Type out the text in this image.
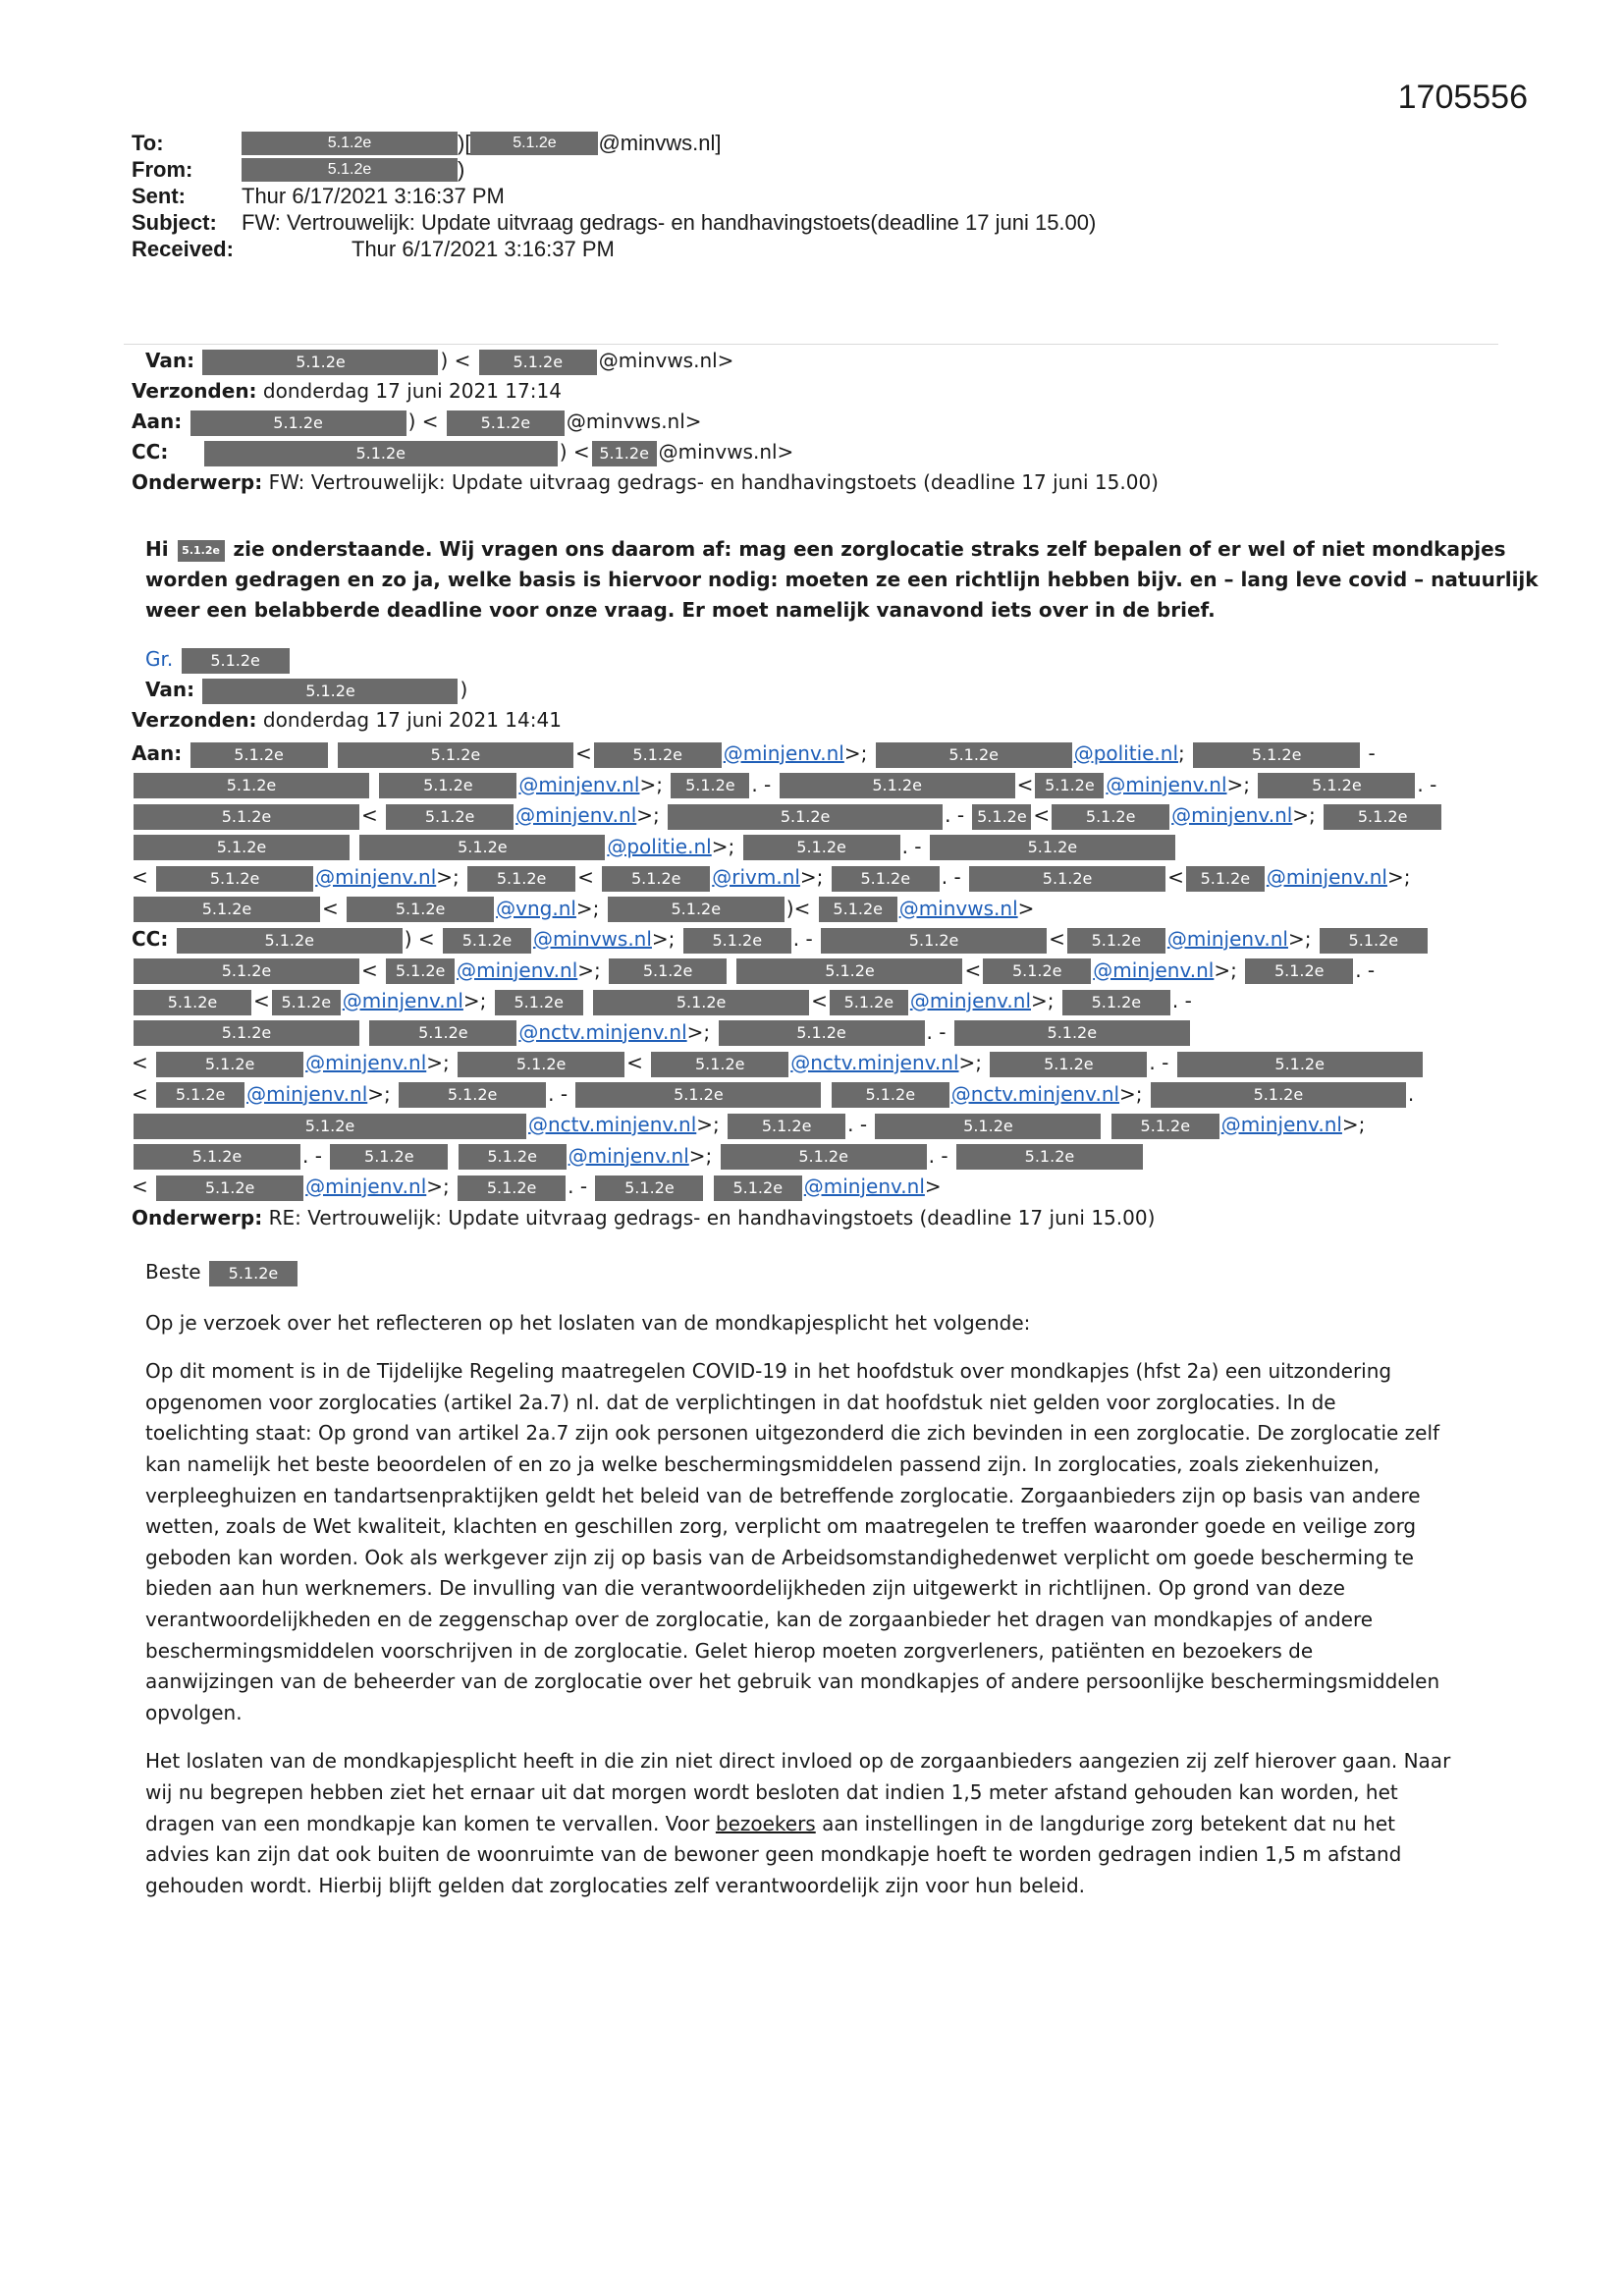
1705556
To:	5.1.2e	)[	5.1.2e	@minvws.nl]
From:	5.1.2e	)
Sent:	Thur 6/17/2021 3:16:37 PM
Subject:	FW: Vertrouwelijk: Update uitvraag gedrags- en handhavingstoets(deadline 17 juni 15.00)
Received:	Thur 6/17/2021 3:16:37 PM
Van:	5.1.2e	) < 5.1.2e @minvws.nl>
Verzonden: donderdag 17 juni 2021 17:14
Aan:	5.1.2e	) < 5.1.2e @minvws.nl>
CC:	5.1.2e	) < 5.1.2e @minvws.nl>
Onderwerp: FW: Vertrouwelijk: Update uitvraag gedrags- en handhavingstoets (deadline 17 juni 15.00)
Hi 5.1.2e zie onderstaande. Wij vragen ons daarom af: mag een zorglocatie straks zelf bepalen of er wel of niet mondkapjes
worden gedragen en zo ja, welke basis is hiervoor nodig: moeten ze een richtlijn hebben bijv. en – lang leve covid – natuurlijk
weer een belabberde deadline voor onze vraag. Er moet namelijk vanavond iets over in de brief.
Gr. 5.1.2e
Van:	5.1.2e	)
Verzonden: donderdag 17 juni 2021 14:41
Aan:	5.1.2e	5.1.2e	<	5.1.2e @minjenv.nl>;	5.1.2e	@politie.nl;	5.1.2e	-
5.1.2e	5.1.2e @minjenv.nl>; 5.1.2e . -	5.1.2e	< 5.1.2e @minjenv.nl>;	5.1.2e	. -
5.1.2e	<	5.1.2e @minjenv.nl>;	5.1.2e	. - 5.1.2e < 5.1.2e @minjenv.nl>; 5.1.2e
5.1.2e	5.1.2e	@politie.nl>;	5.1.2e	. -	5.1.2e
<	5.1.2e	@minjenv.nl>; 5.1.2e < 5.1.2e @rivm.nl>; 5.1.2e . -	5.1.2e	< 5.1.2e @minjenv.nl>;
5.1.2e	<	5.1.2e	@vng.nl>;	5.1.2e	)< 5.1.2e @minvws.nl>
CC:	5.1.2e	) < 5.1.2e @minvws.nl>; 5.1.2e . -	5.1.2e	< 5.1.2e @minjenv.nl>; 5.1.2e
5.1.2e	< 5.1.2e @minjenv.nl>; 5.1.2e	5.1.2e	< 5.1.2e @minjenv.nl>; 5.1.2e . -
5.1.2e < 5.1.2e @minjenv.nl>; 5.1.2e	5.1.2e	< 5.1.2e @minjenv.nl>; 5.1.2e . -
5.1.2e	5.1.2e	@nctv.minjenv.nl>;	5.1.2e	. -	5.1.2e
<	5.1.2e	@minjenv.nl>;	5.1.2e	<	5.1.2e @nctv.minjenv.nl>;	5.1.2e	. -	5.1.2e
< 5.1.2e @minjenv.nl>;	5.1.2e	. -	5.1.2e	5.1.2e @nctv.minjenv.nl>;	5.1.2e	.
5.1.2e	@nctv.minjenv.nl>; 5.1.2e . -	5.1.2e	5.1.2e @minjenv.nl>;
5.1.2e	. - 5.1.2e	5.1.2e @minjenv.nl>;	5.1.2e	. -	5.1.2e
<	5.1.2e	@minjenv.nl>; 5.1.2e . - 5.1.2e	5.1.2e @minjenv.nl>
Onderwerp: RE: Vertrouwelijk: Update uitvraag gedrags- en handhavingstoets (deadline 17 juni 15.00)

Beste 5.1.2e

Op je verzoek over het reflecteren op het loslaten van de mondkapjesplicht het volgende:

Op dit moment is in de Tijdelijke Regeling maatregelen COVID-19 in het hoofdstuk over mondkapjes (hfst 2a) een uitzondering
opgenomen voor zorglocaties (artikel 2a.7) nl. dat de verplichtingen in dat hoofdstuk niet gelden voor zorglocaties. In de
toelichting staat: Op grond van artikel 2a.7 zijn ook personen uitgezonderd die zich bevinden in een zorglocatie. De zorglocatie zelf
kan namelijk het beste beoordelen of en zo ja welke beschermingsmiddelen passend zijn. In zorglocaties, zoals ziekenhuizen,
verpleeghuizen en tandartsenpraktijken geldt het beleid van de betreffende zorglocatie. Zorgaanbieders zijn op basis van andere
wetten, zoals de Wet kwaliteit, klachten en geschillen zorg, verplicht om maatregelen te treffen waaronder goede en veilige zorg
geboden kan worden. Ook als werkgever zijn zij op basis van de Arbeidsomstandighedenwet verplicht om goede bescherming te
bieden aan hun werknemers. De invulling van die verantwoordelijkheden zijn uitgewerkt in richtlijnen. Op grond van deze
verantwoordelijkheden en de zeggenschap over de zorglocatie, kan de zorgaanbieder het dragen van mondkapjes of andere
beschermingsmiddelen voorschrijven in de zorglocatie. Gelet hierop moeten zorgverleners, patiënten en bezoekers de
aanwijzingen van de beheerder van de zorglocatie over het gebruik van mondkapjes of andere persoonlijke beschermingsmiddelen
opvolgen.
Het loslaten van de mondkapjesplicht heeft in die zin niet direct invloed op de zorgaanbieders aangezien zij zelf hierover gaan. Naar
wij nu begrepen hebben ziet het ernaar uit dat morgen wordt besloten dat indien 1,5 meter afstand gehouden kan worden, het
dragen van een mondkapje kan komen te vervallen. Voor bezoekers aan instellingen in de langdurige zorg betekent dat nu het
advies kan zijn dat ook buiten de woonruimte van de bewoner geen mondkapje hoeft te worden gedragen indien 1,5 m afstand
gehouden wordt. Hierbij blijft gelden dat zorglocaties zelf verantwoordelijk zijn voor hun beleid.
